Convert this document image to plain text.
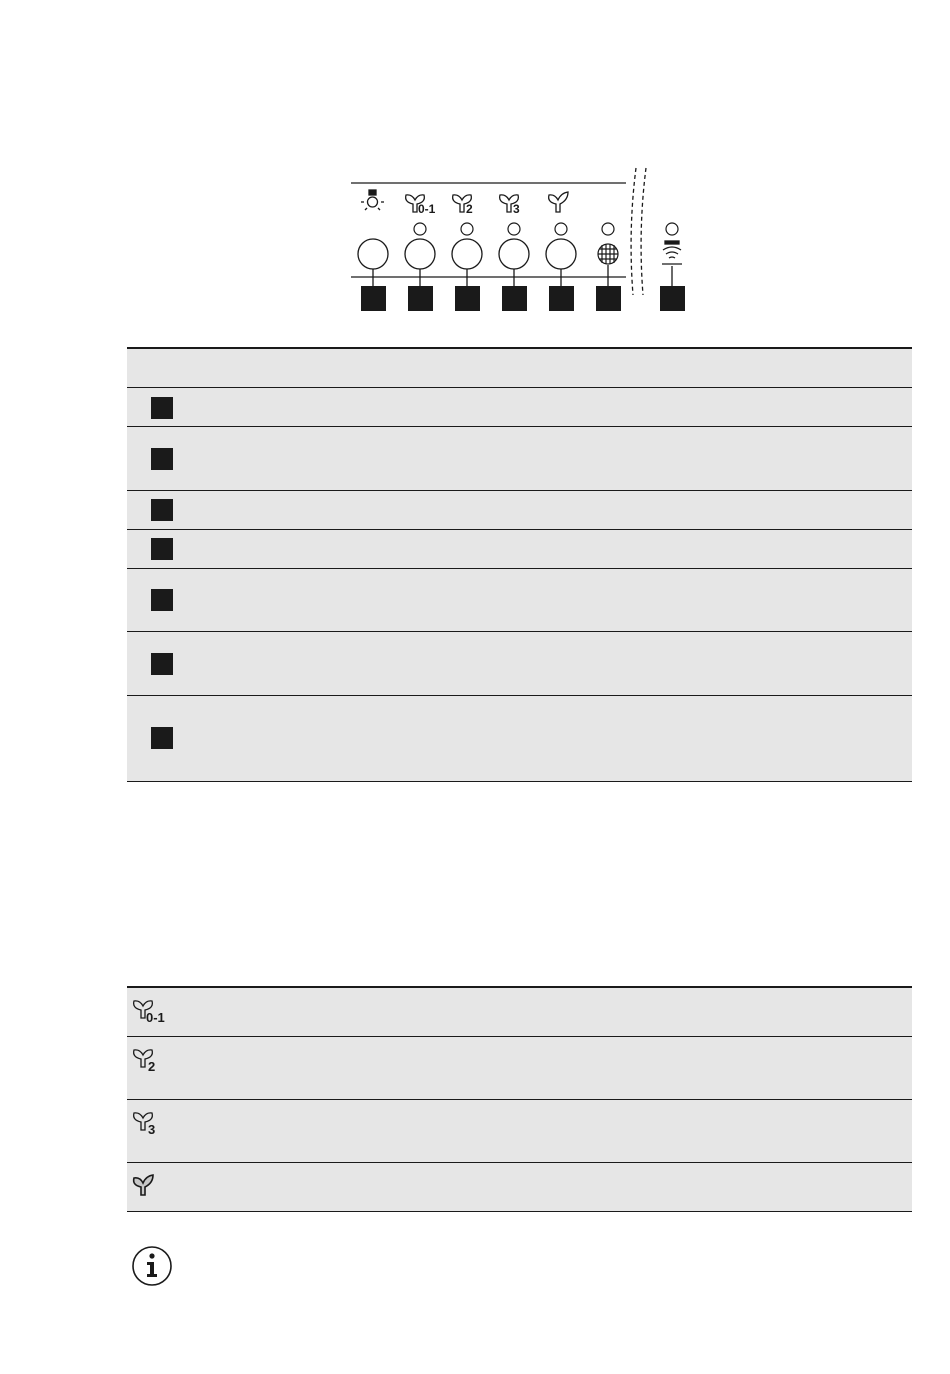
0-1	2	3
0-1
2
3
